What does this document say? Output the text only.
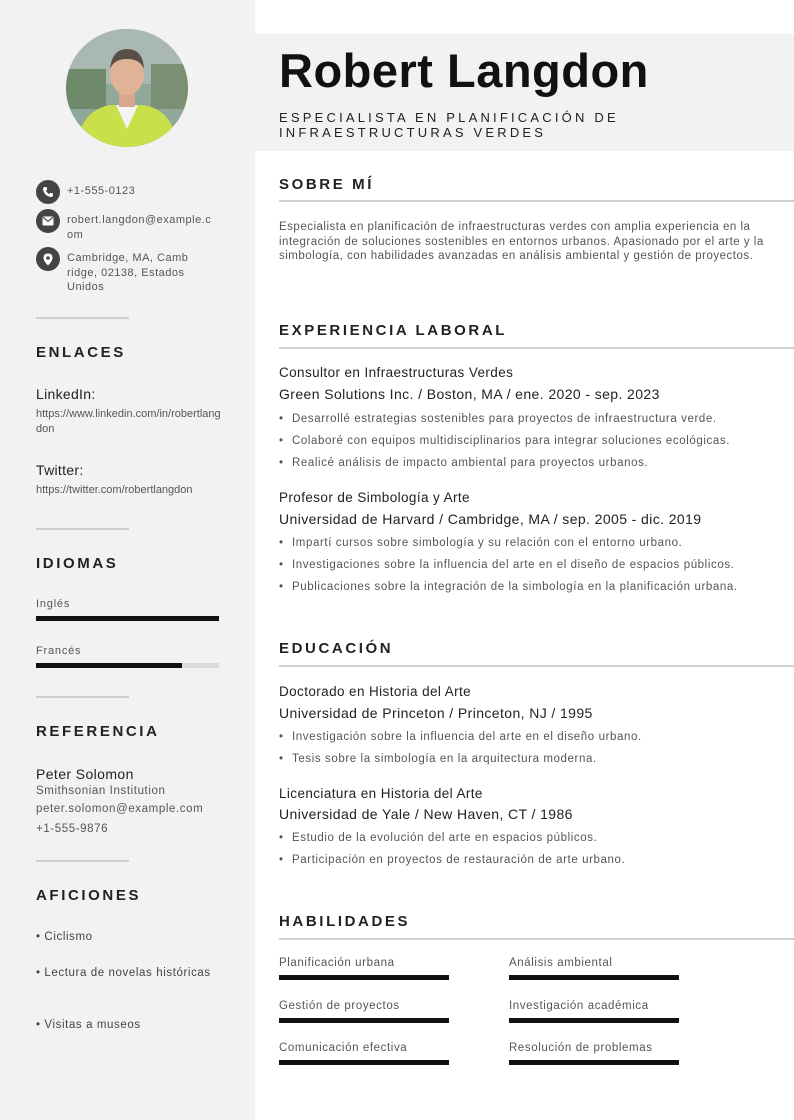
+1-555-0123
robert.langdon@example.com
Cambridge, MA, Cambridge, 02138, Estados Unidos
ENLACES
LinkedIn:
https://www.linkedin.com/in/robertlangdon
Twitter:
https://twitter.com/robertlangdon
IDIOMAS
Inglés
Francés
REFERENCIA
Peter Solomon
Smithsonian Institution
peter.solomon@example.com
+1-555-9876
AFICIONES
• Ciclismo
• Lectura de novelas históricas
• Visitas a museos
Robert Langdon
ESPECIALISTA EN PLANIFICACIÓN DE INFRAESTRUCTURAS VERDES
SOBRE MÍ
Especialista en planificación de infraestructuras verdes con amplia experiencia en la integración de soluciones sostenibles en entornos urbanos. Apasionado por el arte y la simbología, con habilidades avanzadas en análisis ambiental y gestión de proyectos.
EXPERIENCIA LABORAL
Consultor en Infraestructuras Verdes
Green Solutions Inc. / Boston, MA / ene. 2020 - sep. 2023
• Desarrollé estrategias sostenibles para proyectos de infraestructura verde.
• Colaboré con equipos multidisciplinarios para integrar soluciones ecológicas.
• Realicé análisis de impacto ambiental para proyectos urbanos.
Profesor de Simbología y Arte
Universidad de Harvard / Cambridge, MA / sep. 2005 - dic. 2019
• Impartí cursos sobre simbología y su relación con el entorno urbano.
• Investigaciones sobre la influencia del arte en el diseño de espacios públicos.
• Publicaciones sobre la integración de la simbología en la planificación urbana.
EDUCACIÓN
Doctorado en Historia del Arte
Universidad de Princeton / Princeton, NJ / 1995
• Investigación sobre la influencia del arte en el diseño urbano.
• Tesis sobre la simbología en la arquitectura moderna.
Licenciatura en Historia del Arte
Universidad de Yale / New Haven, CT / 1986
• Estudio de la evolución del arte en espacios públicos.
• Participación en proyectos de restauración de arte urbano.
HABILIDADES
Planificación urbana	Análisis ambiental
Gestión de proyectos	Investigación académica
Comunicación efectiva	Resolución de problemas
